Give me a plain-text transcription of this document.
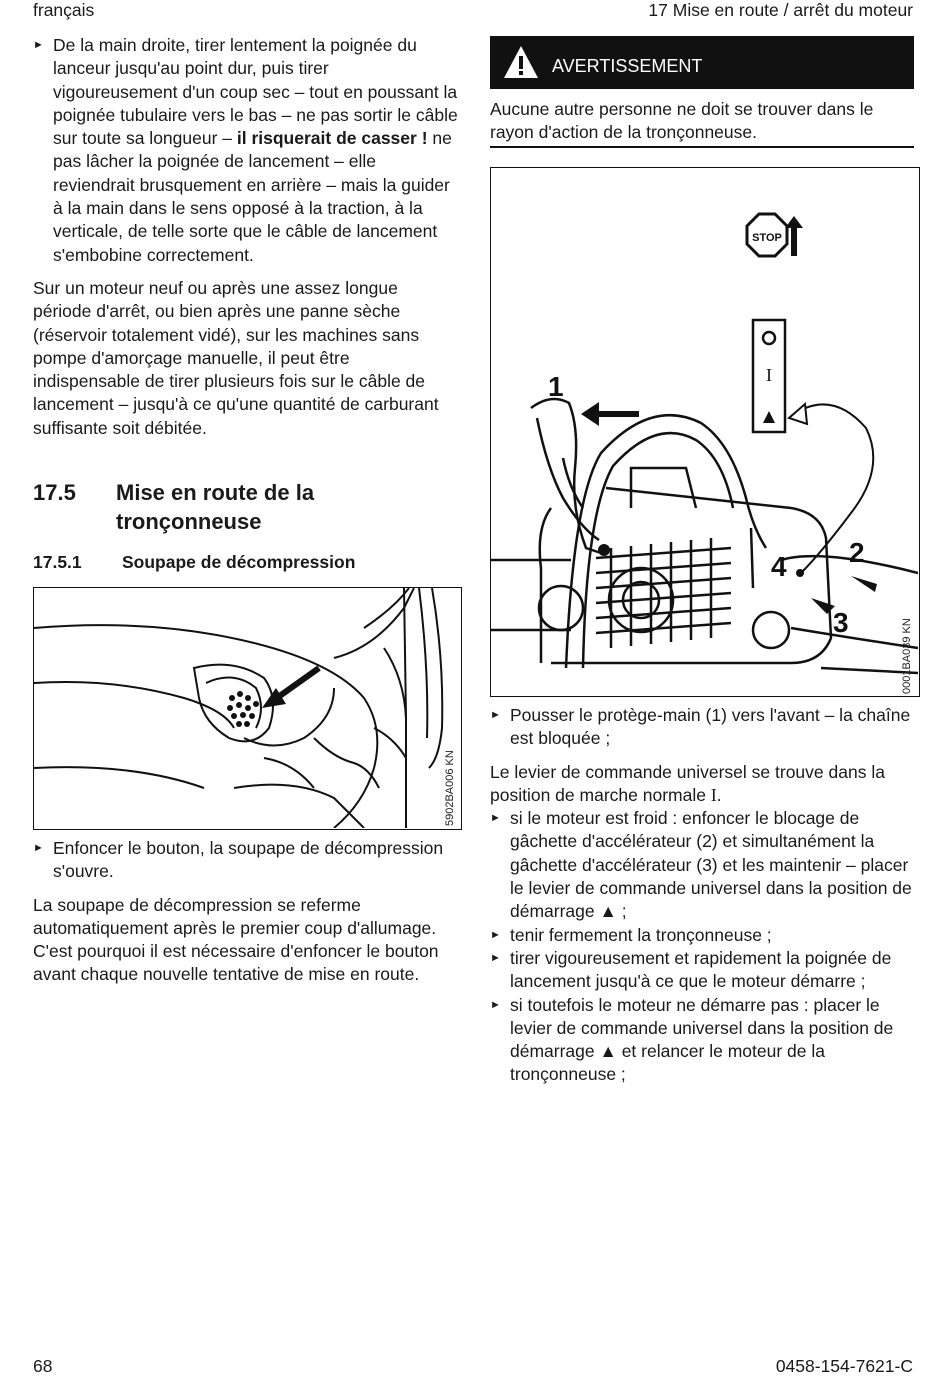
français	17 Mise en route / arrêt du moteur

► De la main droite, tirer lentement la poignée du lanceur jusqu'au point dur, puis tirer vigoureusement d'un coup sec – tout en poussant la poignée tubulaire vers le bas – ne pas sortir le câble sur toute sa longueur – il risquerait de casser ! ne pas lâcher la poignée de lancement – elle reviendrait brusquement en arrière – mais la guider à la main dans le sens opposé à la traction, à la verticale, de telle sorte que le câble de lancement s'embobine correctement.

Sur un moteur neuf ou après une assez longue période d'arrêt, ou bien après une panne sèche (réservoir totalement vidé), sur les machines sans pompe d'amorçage manuelle, il peut être indispensable de tirer plusieurs fois sur le câble de lancement – jusqu'à ce qu'une quantité de carburant suffisante soit débitée.

17.5 Mise en route de la tronçonneuse
17.5.1 Soupape de décompression
5902BA006 KN

► Enfoncer le bouton, la soupape de décompression s'ouvre.

La soupape de décompression se referme automatiquement après le premier coup d'allumage. C'est pourquoi il est nécessaire d'enfoncer le bouton avant chaque nouvelle tentative de mise en route.

AVERTISSEMENT
Aucune autre personne ne doit se trouver dans le rayon d'action de la tronçonneuse.
STOP
I
1
2
3
4
0001BA039 KN

► Pousser le protège-main (1) vers l'avant – la chaîne est bloquée ;

Le levier de commande universel se trouve dans la position de marche normale I.

► si le moteur est froid : enfoncer le blocage de gâchette d'accélérateur (2) et simultanément la gâchette d'accélérateur (3) et les maintenir – placer le levier de commande universel dans la position de démarrage ▲ ;

► tenir fermement la tronçonneuse ;

► tirer vigoureusement et rapidement la poignée de lancement jusqu'à ce que le moteur démarre ;

► si toutefois le moteur ne démarre pas : placer le levier de commande universel dans la position de démarrage ▲ et relancer le moteur de la tronçonneuse ;

68	0458-154-7621-C
